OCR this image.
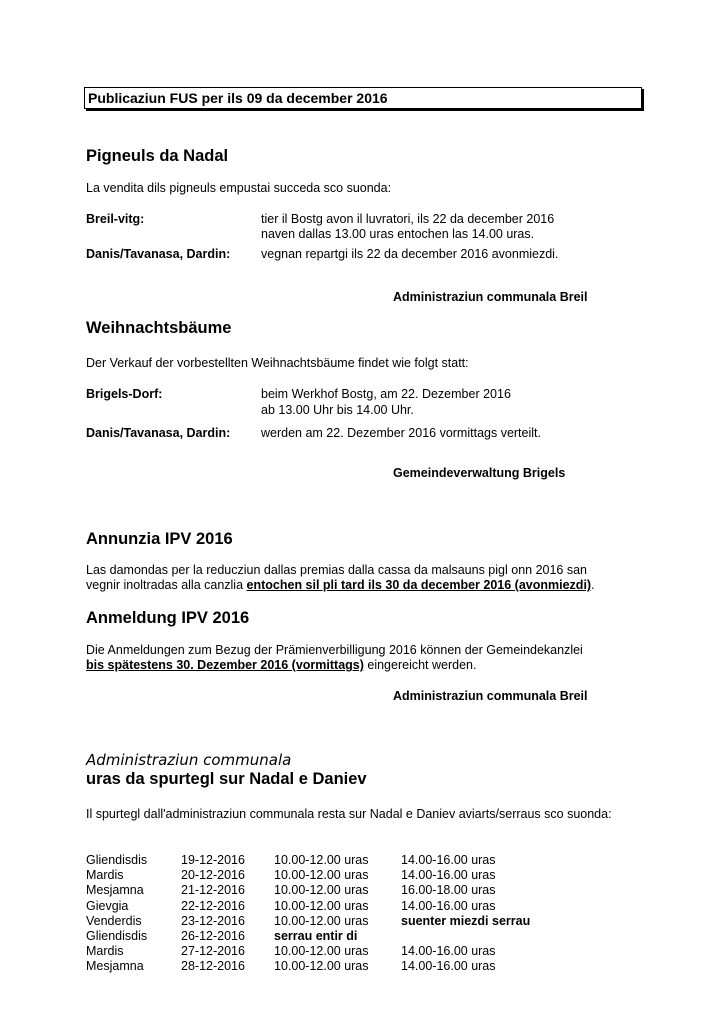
Publicaziun FUS per ils 09 da december 2016
Pigneuls da Nadal
La vendita dils pigneuls empustai succeda sco suonda:
Breil-vitg:	tier il Bostg avon il luvratori, ils 22 da december 2016
naven dallas 13.00 uras entochen las 14.00 uras.
Danis/Tavanasa, Dardin: vegnan repartgi ils 22 da december 2016 avonmiezdi.
Administraziun communala Breil
Weihnachtsbäume
Der Verkauf der vorbestellten Weihnachtsbäume findet wie folgt statt:
Brigels-Dorf:	beim Werkhof Bostg, am 22. Dezember 2016
ab 13.00 Uhr bis 14.00 Uhr.
Danis/Tavanasa, Dardin: werden am 22. Dezember 2016 vormittags verteilt.
Gemeindeverwaltung Brigels
Annunzia IPV 2016
Las damondas per la reducziun dallas premias dalla cassa da malsauns pigl onn 2016 san
vegnir inoltradas alla canzlia entochen sil pli tard ils 30 da december 2016 (avonmiezdi).
Anmeldung IPV 2016
Die Anmeldungen zum Bezug der Prämienverbilligung 2016 können der Gemeindekanzlei
bis spätestens 30. Dezember 2016 (vormittags) eingereicht werden.
Administraziun communala Breil
Administraziun communala
uras da spurtegl sur Nadal e Daniev
Il spurtegl dall'administraziun communala resta sur Nadal e Daniev aviarts/serraus sco suonda:
Gliendisdis	19-12-2016 10.00-12.00 uras	14.00-16.00 uras
Mardis	20-12-2016 10.00-12.00 uras	14.00-16.00 uras
Mesjamna	21-12-2016 10.00-12.00 uras	16.00-18.00 uras
Gievgia	22-12-2016 10.00-12.00 uras	14.00-16.00 uras
Venderdis	23-12-2016 10.00-12.00 uras	suenter miezdi serrau
Gliendisdis	26-12-2016 serrau entir di
Mardis	27-12-2016 10.00-12.00 uras	14.00-16.00 uras
Mesjamna	28-12-2016 10.00-12.00 uras	14.00-16.00 uras
